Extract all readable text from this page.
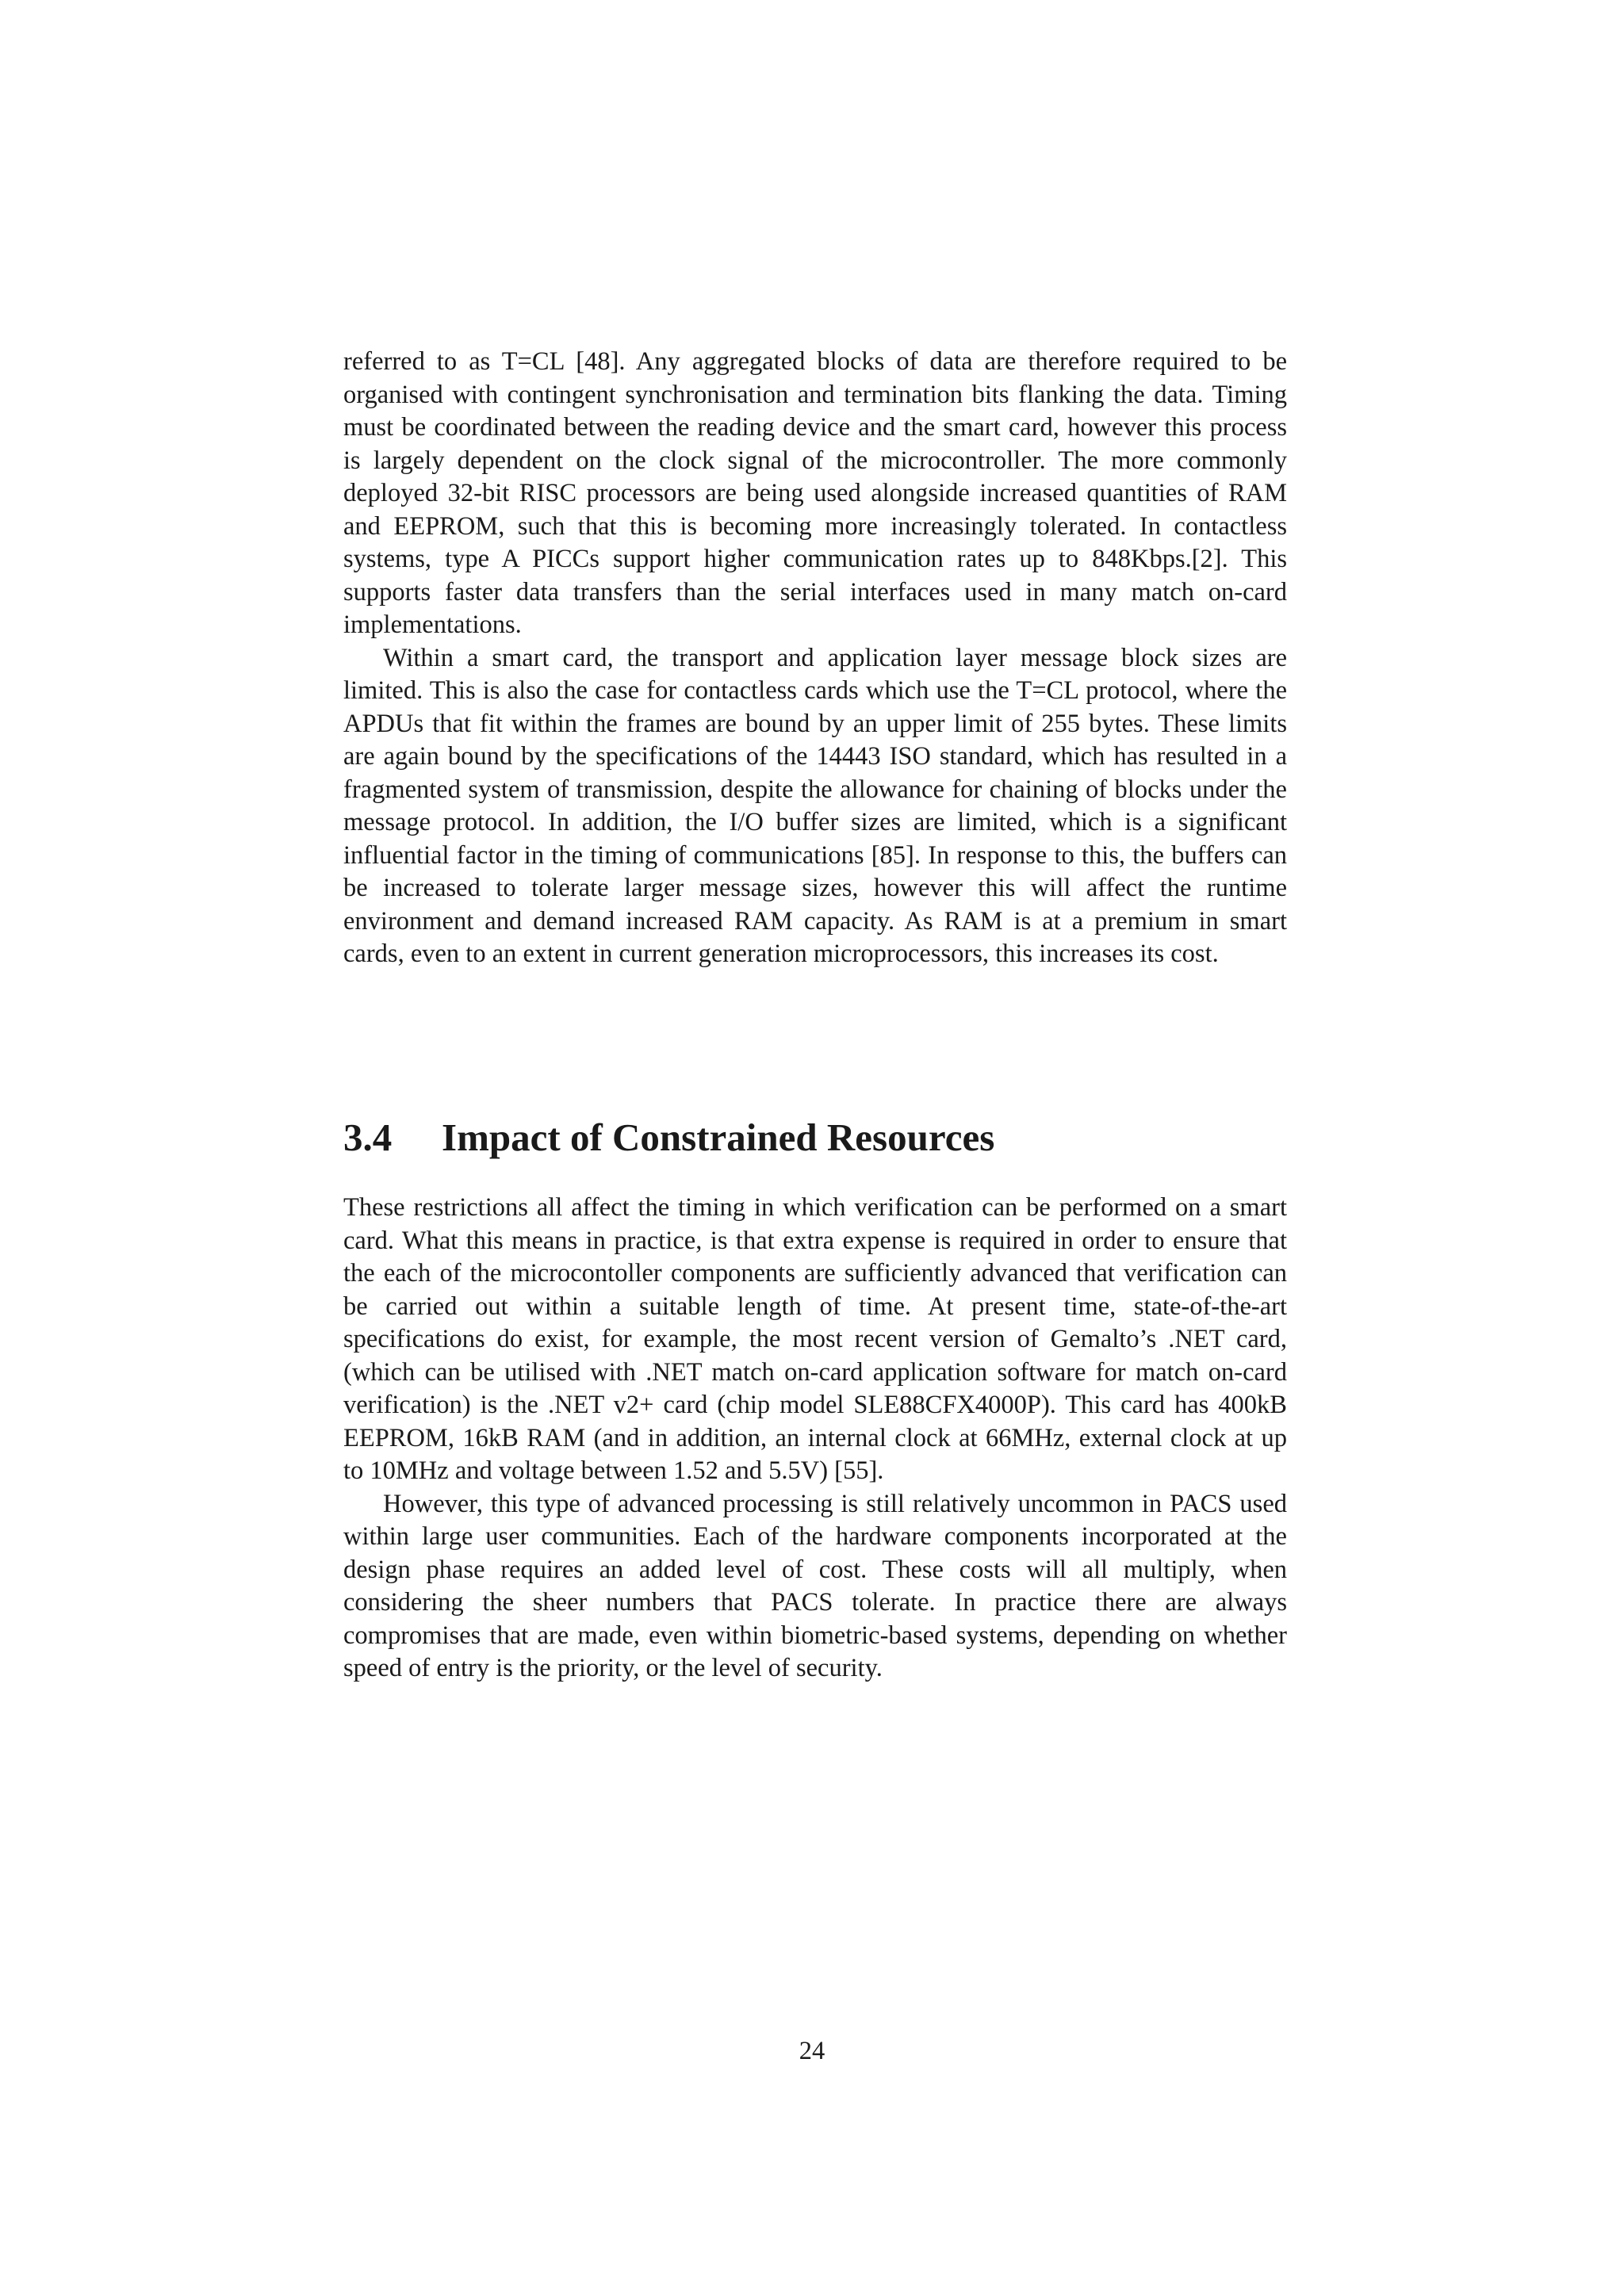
referred to as T=CL [48]. Any aggregated blocks of data are therefore required to be organised with contingent synchronisation and termination bits flanking the data. Timing must be coordinated between the reading device and the smart card, however this process is largely dependent on the clock signal of the microcontroller. The more commonly deployed 32-bit RISC processors are being used alongside increased quantities of RAM and EEPROM, such that this is becoming more increasingly tolerated. In contactless systems, type A PICCs support higher communication rates up to 848Kbps.[2]. This supports faster data transfers than the serial interfaces used in many match on-card implementations.

Within a smart card, the transport and application layer message block sizes are limited. This is also the case for contactless cards which use the T=CL protocol, where the APDUs that fit within the frames are bound by an upper limit of 255 bytes. These limits are again bound by the specifications of the 14443 ISO standard, which has resulted in a fragmented system of transmission, despite the allowance for chaining of blocks under the message protocol. In addition, the I/O buffer sizes are limited, which is a significant influential factor in the timing of communications [85]. In response to this, the buffers can be increased to tolerate larger message sizes, however this will affect the runtime environment and demand increased RAM capacity. As RAM is at a premium in smart cards, even to an extent in current generation microprocessors, this increases its cost.

3.4 Impact of Constrained Resources

These restrictions all affect the timing in which verification can be performed on a smart card. What this means in practice, is that extra expense is required in order to ensure that the each of the microcontoller components are sufficiently advanced that verification can be carried out within a suitable length of time. At present time, state-of-the-art specifications do exist, for example, the most recent version of Gemalto’s .NET card, (which can be utilised with .NET match on-card application software for match on-card verification) is the .NET v2+ card (chip model SLE88CFX4000P). This card has 400kB EEPROM, 16kB RAM (and in addition, an internal clock at 66MHz, external clock at up to 10MHz and voltage between 1.52 and 5.5V) [55].

However, this type of advanced processing is still relatively uncommon in PACS used within large user communities. Each of the hardware components incorporated at the design phase requires an added level of cost. These costs will all multiply, when considering the sheer numbers that PACS tolerate. In practice there are always compromises that are made, even within biometric-based systems, depending on whether speed of entry is the priority, or the level of security.

24
